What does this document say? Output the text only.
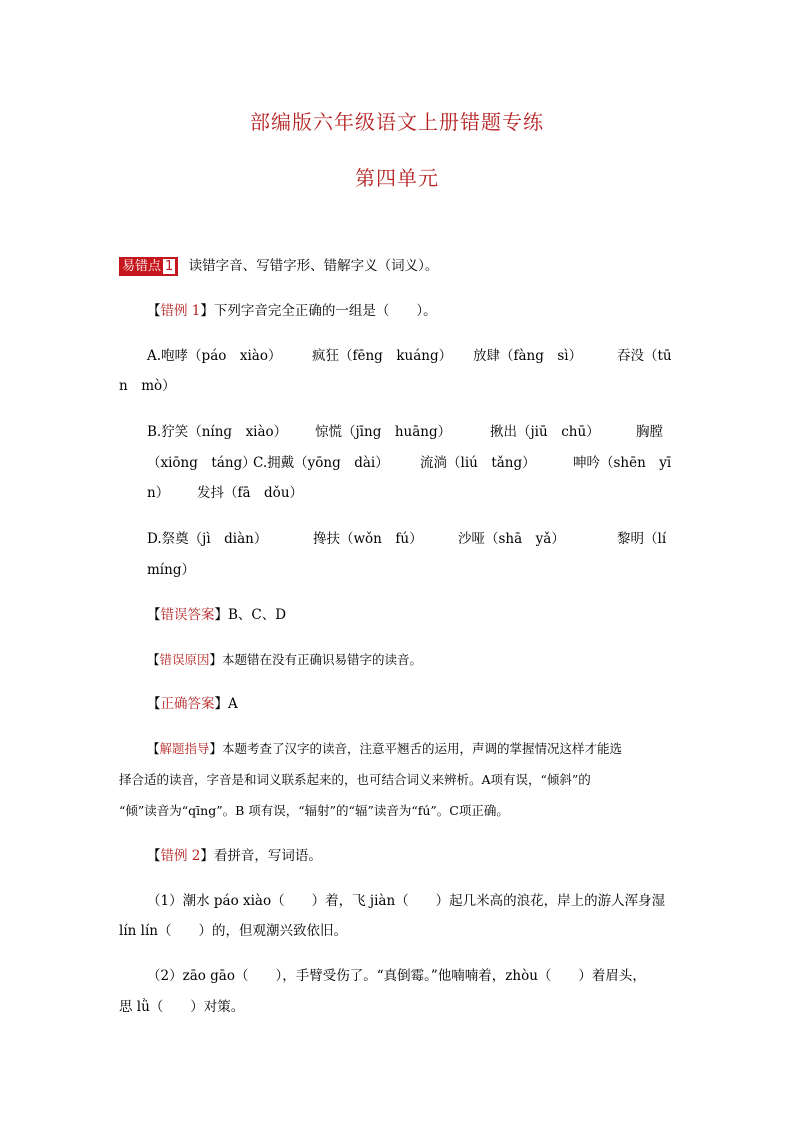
部编版六年级语文上册错题专练
第四单元
易错点 1 读错字音、写错字形、错解字义（词义）。
【错例 1】下列字音完全正确的一组是（　　）。
A.咆哮（páo　xiào） 疯狂（fēng　kuáng） 放肆（fàng　sì）	吞没（tū
n　mò）
B.狞笑（nínɡ　xiào） 惊慌（jīng　huāng）	揪出（jiū　chū）	胸膛
（xiōng　táng）
C.拥戴（yōng　dài） 流淌（liú　tǎng）	呻吟（shēn　yī
n） 发抖（fā　dǒu）
D.祭奠（jì　diàn）	搀扶（wǒn　fú）	沙哑（shā　yǎ）	黎明（lí
míng）
【错误答案】B、C、D
【错误原因】本题错在没有正确识易错字的读音。
【正确答案】A
【解题指导】本题考查了汉字的读音，注意平翘舌的运用，声调的掌握情况这样才能选
择合适的读音，字音是和词义联系起来的，也可结合词义来辨析。A项有误，“倾斜”的
“倾”读音为“qīng”。B 项有误，“辐射”的“辐”读音为“fú”。C项正确。
【错例 2】看拼音，写词语。
（1）潮水 páo xiào（　　）着，飞 jiàn（　　）起几米高的浪花，岸上的游人浑身湿
lín lín（　　）的，但观潮兴致依旧。
（2）zāo gāo（　　），手臂受伤了。“真倒霉。”他喃喃着，zhòu（　　）着眉头，
思 lǜ（　　）对策。
